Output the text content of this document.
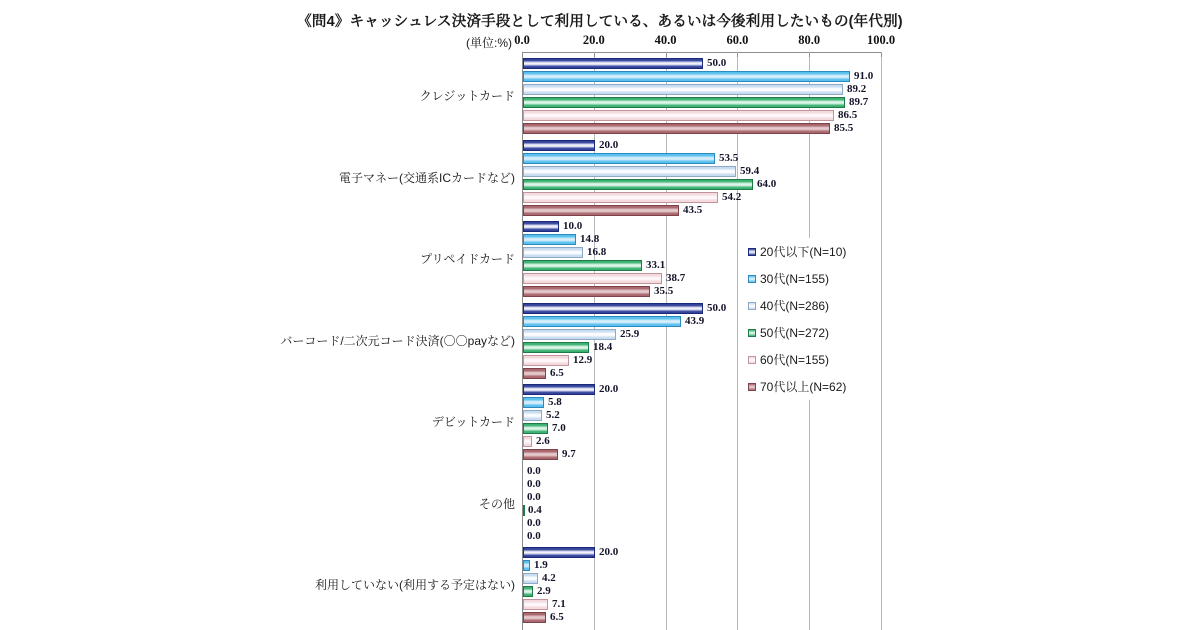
《問4》キャッシュレス決済手段として利用している、あるいは今後利用したいもの(年代別)
(単位:%) 0.0	20.0	40.0	60.0	80.0	100.0
50.0
91.0
89.2
89.7
86.5
85.5
20.0
53.5
59.4
64.0
54.2
43.5
10.0
14.8
16.8
33.1
38.7
35.5
50.0
43.9
25.9
18.4
12.9
6.5
20.0
5.8
5.2
7.0
2.6
9.7
0.0
0.0
0.0
0.4
0.0
0.0
20.0
1.9
4.2
2.9
7.1
6.5
クレジットカード
電子マネー(交通系ICカードなど)
プリペイドカード
バーコード/二次元コード決済(〇〇payなど)
デビットカード
その他
利用していない(利用する予定はない)
20代以下(N=10)
30代(N=155)
40代(N=286)
50代(N=272)
60代(N=155)
70代以上(N=62)
